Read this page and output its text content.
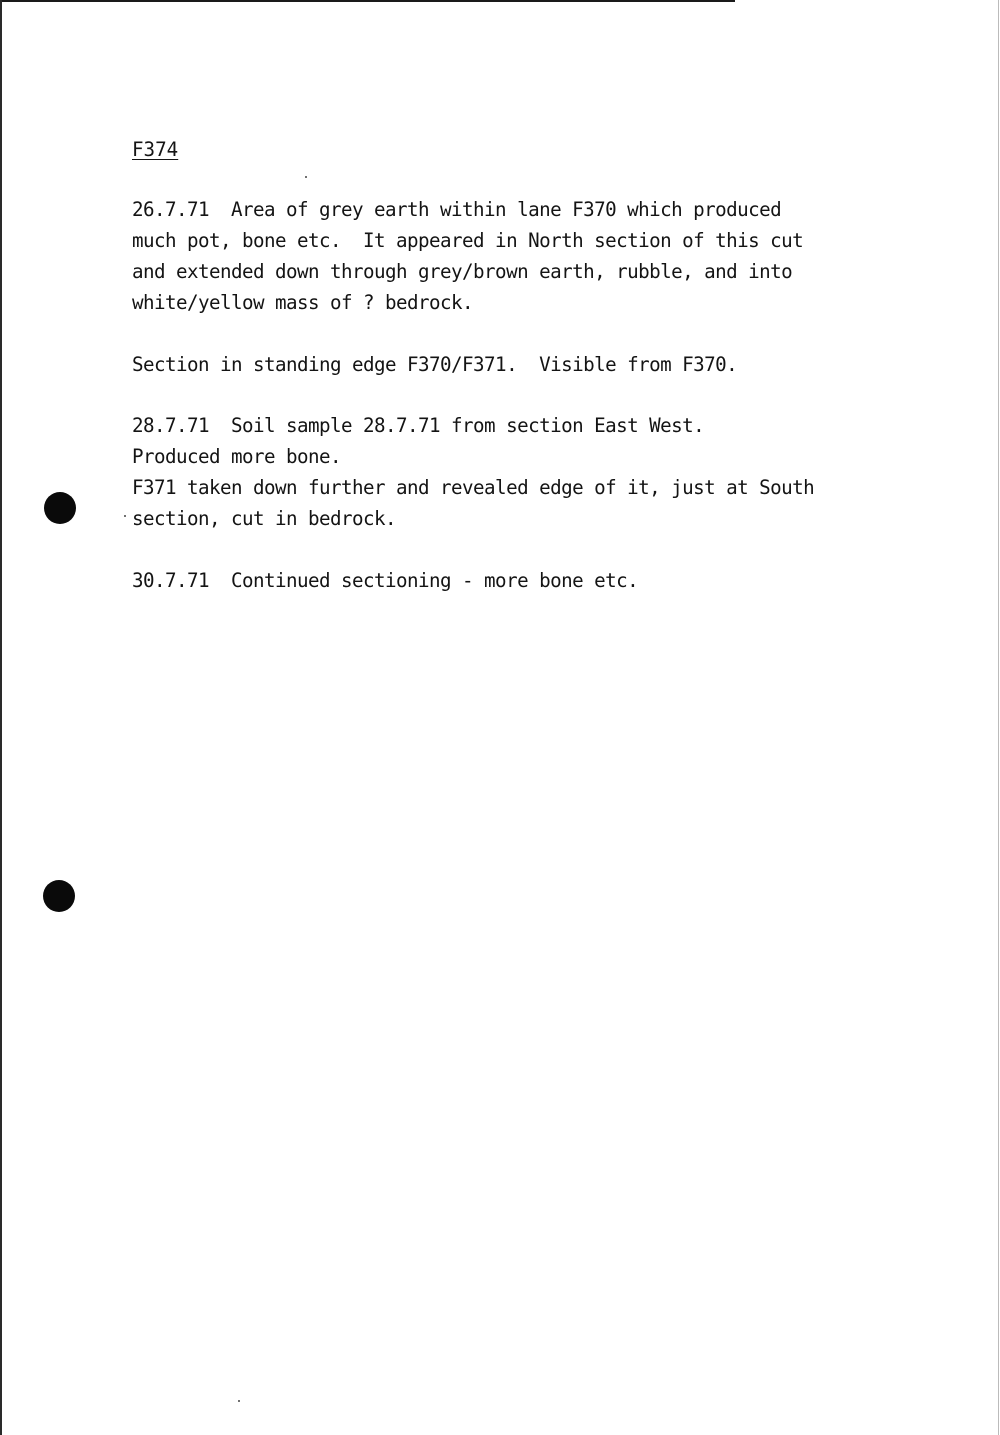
F374
26.7.71  Area of grey earth within lane F370 which produced
much pot, bone etc.  It appeared in North section of this cut
and extended down through grey/brown earth, rubble, and into
white/yellow mass of ? bedrock.
Section in standing edge F370/F371.  Visible from F370.
28.7.71  Soil sample 28.7.71 from section East West.
Produced more bone.
F371 taken down further and revealed edge of it, just at South
section, cut in bedrock.
30.7.71  Continued sectioning - more bone etc.
